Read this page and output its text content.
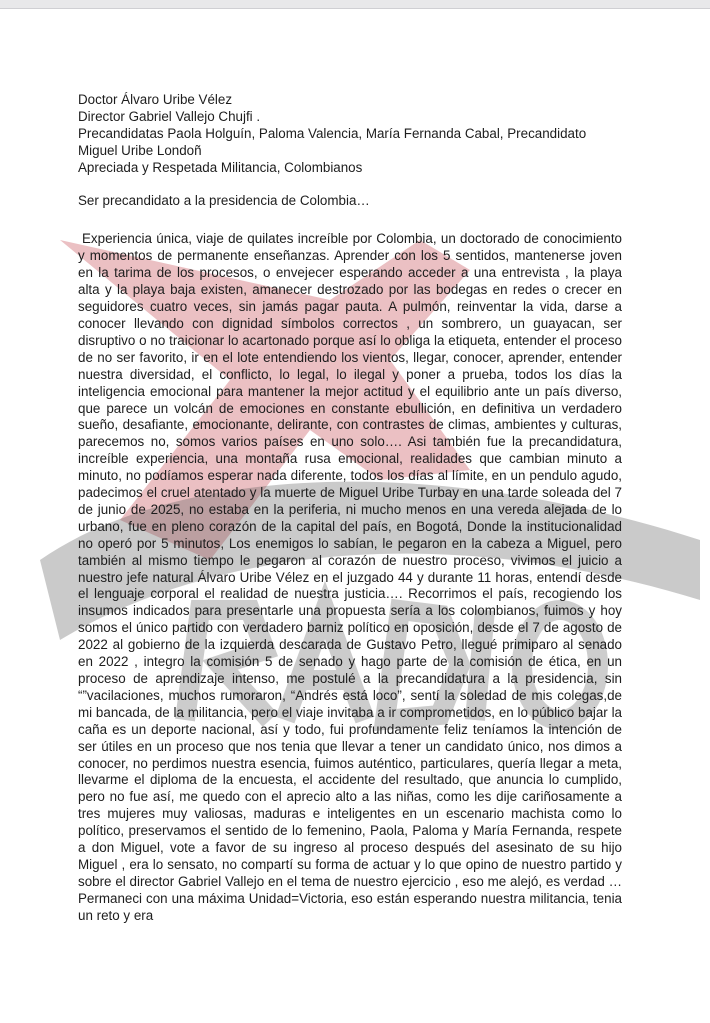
Doctor Álvaro Uribe Vélez

Director Gabriel Vallejo Chujfi .

Precandidatas Paola Holguín, Paloma Valencia, María Fernanda Cabal, Precandidato Miguel Uribe Londoñ

Apreciada y Respetada Militancia, Colombianos

Ser precandidato a la presidencia de Colombia…

Experiencia única, viaje de quilates increíble por Colombia, un doctorado de conocimiento y momentos de permanente enseñanzas. Aprender con los 5 sentidos, mantenerse joven en la tarima de los procesos, o envejecer esperando acceder a una entrevista , la playa alta y la playa baja existen, amanecer destrozado por las bodegas en redes o crecer en seguidores cuatro veces, sin jamás pagar pauta. A pulmón, reinventar la vida, darse a conocer llevando con dignidad símbolos correctos , un sombrero, un guayacan, ser disruptivo o no traicionar lo acartonado porque así lo obliga la etiqueta, entender el proceso de no ser favorito, ir en el lote entendiendo los vientos, llegar, conocer, aprender, entender nuestra diversidad, el conflicto, lo legal, lo ilegal y poner a prueba, todos los días la inteligencia emocional para mantener la mejor actitud y el equilibrio ante un país diverso, que parece un volcán de emociones en constante ebullición, en definitiva un verdadero sueño, desafiante, emocionante, delirante, con contrastes de climas, ambientes y culturas, parecemos no, somos varios países en uno solo…. Asi también fue la precandidatura, increíble experiencia, una montaña rusa emocional, realidades que cambian minuto a minuto, no podíamos esperar nada diferente, todos los días al límite, en un pendulo agudo, padecimos el cruel atentado y la muerte de Miguel Uribe Turbay en una tarde soleada del 7 de junio de 2025, no estaba en la periferia, ni mucho menos en una vereda alejada de lo urbano, fue en pleno corazón de la capital del país, en Bogotá, Donde la institucionalidad no operó por 5 minutos, Los enemigos lo sabían, le pegaron en la cabeza a Miguel, pero también al mismo tiempo le pegaron al corazón de nuestro proceso, vivimos el juicio a nuestro jefe natural Álvaro Uribe Vélez en el juzgado 44 y durante 11 horas, entendí desde el lenguaje corporal el realidad de nuestra justicia…. Recorrimos el país, recogiendo los insumos indicados para presentarle una propuesta sería a los colombianos, fuimos y hoy somos el único partido con verdadero barniz político en oposición, desde el 7 de agosto de 2022 al gobierno de la izquierda descarada de Gustavo Petro, llegué primiparo al senado en 2022 , integro la comisión 5 de senado y hago parte de la comisión de ética, en un proceso de aprendizaje intenso, me postulé a la precandidatura a la presidencia, sin “”vacilaciones, muchos rumoraron, “Andrés está loco”, sentí la soledad de mis colegas,de mi bancada, de la militancia, pero el viaje invitaba a ir comprometidos, en lo público bajar la caña es un deporte nacional, así y todo, fui profundamente feliz teníamos la intención de ser útiles en un proceso que nos tenia que llevar a tener un candidato único, nos dimos a conocer, no perdimos nuestra esencia, fuimos auténtico, particulares, quería llegar a meta, llevarme el diploma de la encuesta, el accidente del resultado, que anuncia lo cumplido, pero no fue así, me quedo con el aprecio alto a las niñas, como les dije cariñosamente a tres mujeres muy valiosas, maduras e inteligentes en un escenario machista como lo político, preservamos el sentido de lo femenino, Paola, Paloma y María Fernanda, respete a don Miguel, vote a favor de su ingreso al proceso después del asesinato de su hijo Miguel , era lo sensato, no compartí su forma de actuar y lo que opino de nuestro partido y sobre el director Gabriel Vallejo en el tema de nuestro ejercicio , eso me alejó, es verdad … Permaneci con una máxima Unidad=Victoria, eso están esperando nuestra militancia, tenia un reto y era
